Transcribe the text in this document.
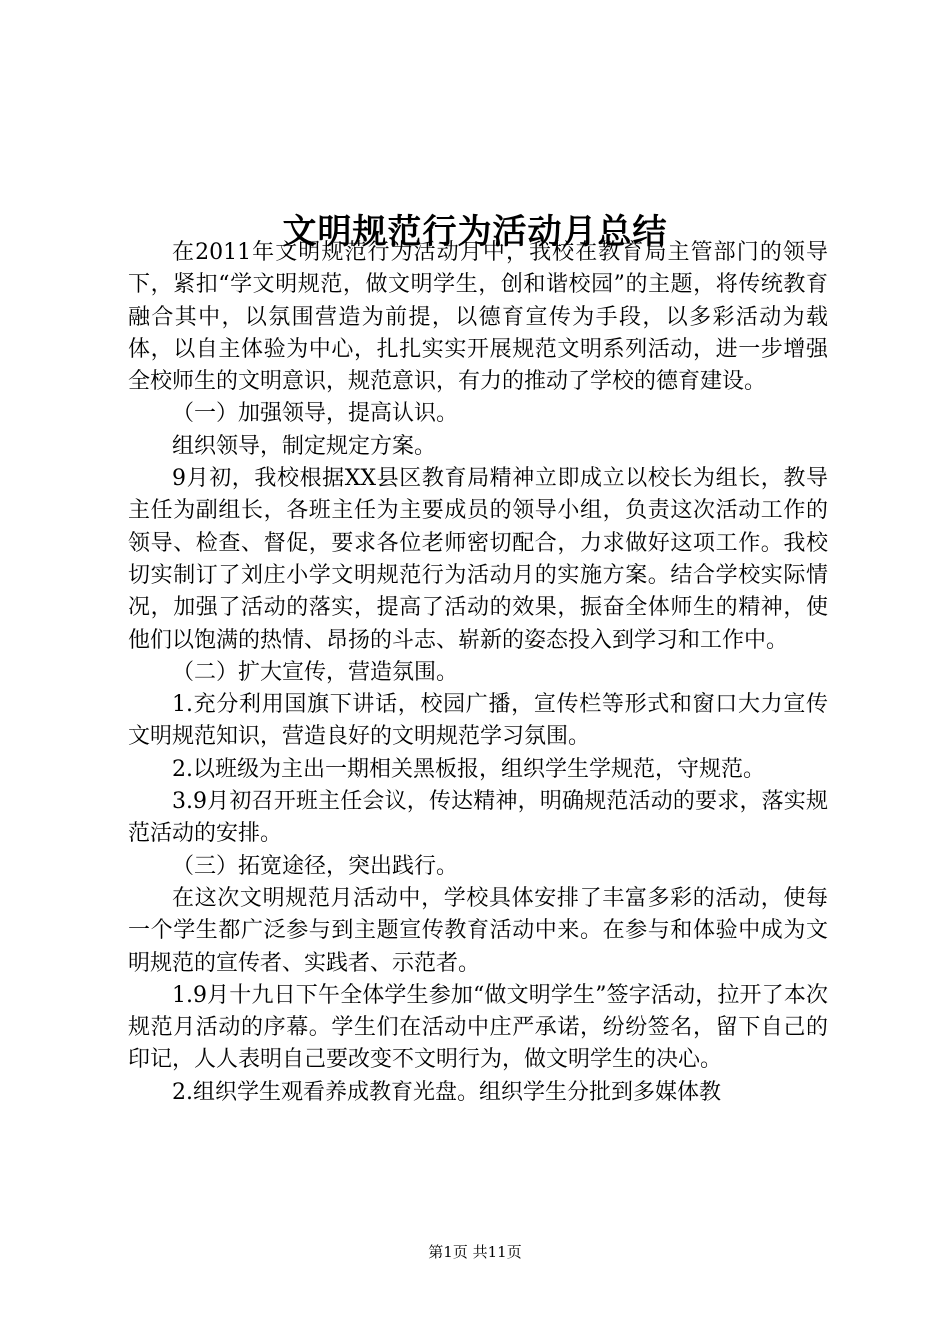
文明规范行为活动月总结

在2011年文明规范行为活动月中，我校在教育局主管部门的领导下，紧扣“学文明规范，做文明学生，创和谐校园”的主题，将传统教育融合其中，以氛围营造为前提，以德育宣传为手段，以多彩活动为载体，以自主体验为中心，扎扎实实开展规范文明系列活动，进一步增强全校师生的文明意识，规范意识，有力的推动了学校的德育建设。

（一）加强领导，提高认识。

组织领导，制定规定方案。

9月初，我校根据XX县区教育局精神立即成立以校长为组长，教导主任为副组长，各班主任为主要成员的领导小组，负责这次活动工作的领导、检查、督促，要求各位老师密切配合，力求做好这项工作。我校切实制订了刘庄小学文明规范行为活动月的实施方案。结合学校实际情况，加强了活动的落实，提高了活动的效果，振奋全体师生的精神，使他们以饱满的热情、昂扬的斗志、崭新的姿态投入到学习和工作中。

（二）扩大宣传，营造氛围。

1.充分利用国旗下讲话，校园广播，宣传栏等形式和窗口大力宣传文明规范知识，营造良好的文明规范学习氛围。

2.以班级为主出一期相关黑板报，组织学生学规范，守规范。

3.9月初召开班主任会议，传达精神，明确规范活动的要求，落实规范活动的安排。

（三）拓宽途径，突出践行。

在这次文明规范月活动中，学校具体安排了丰富多彩的活动，使每一个学生都广泛参与到主题宣传教育活动中来。在参与和体验中成为文明规范的宣传者、实践者、示范者。

1.9月十九日下午全体学生参加“做文明学生”签字活动，拉开了本次规范月活动的序幕。学生们在活动中庄严承诺，纷纷签名，留下自己的印记，人人表明自己要改变不文明行为，做文明学生的决心。

2.组织学生观看养成教育光盘。组织学生分批到多媒体教

第1页 共11页
